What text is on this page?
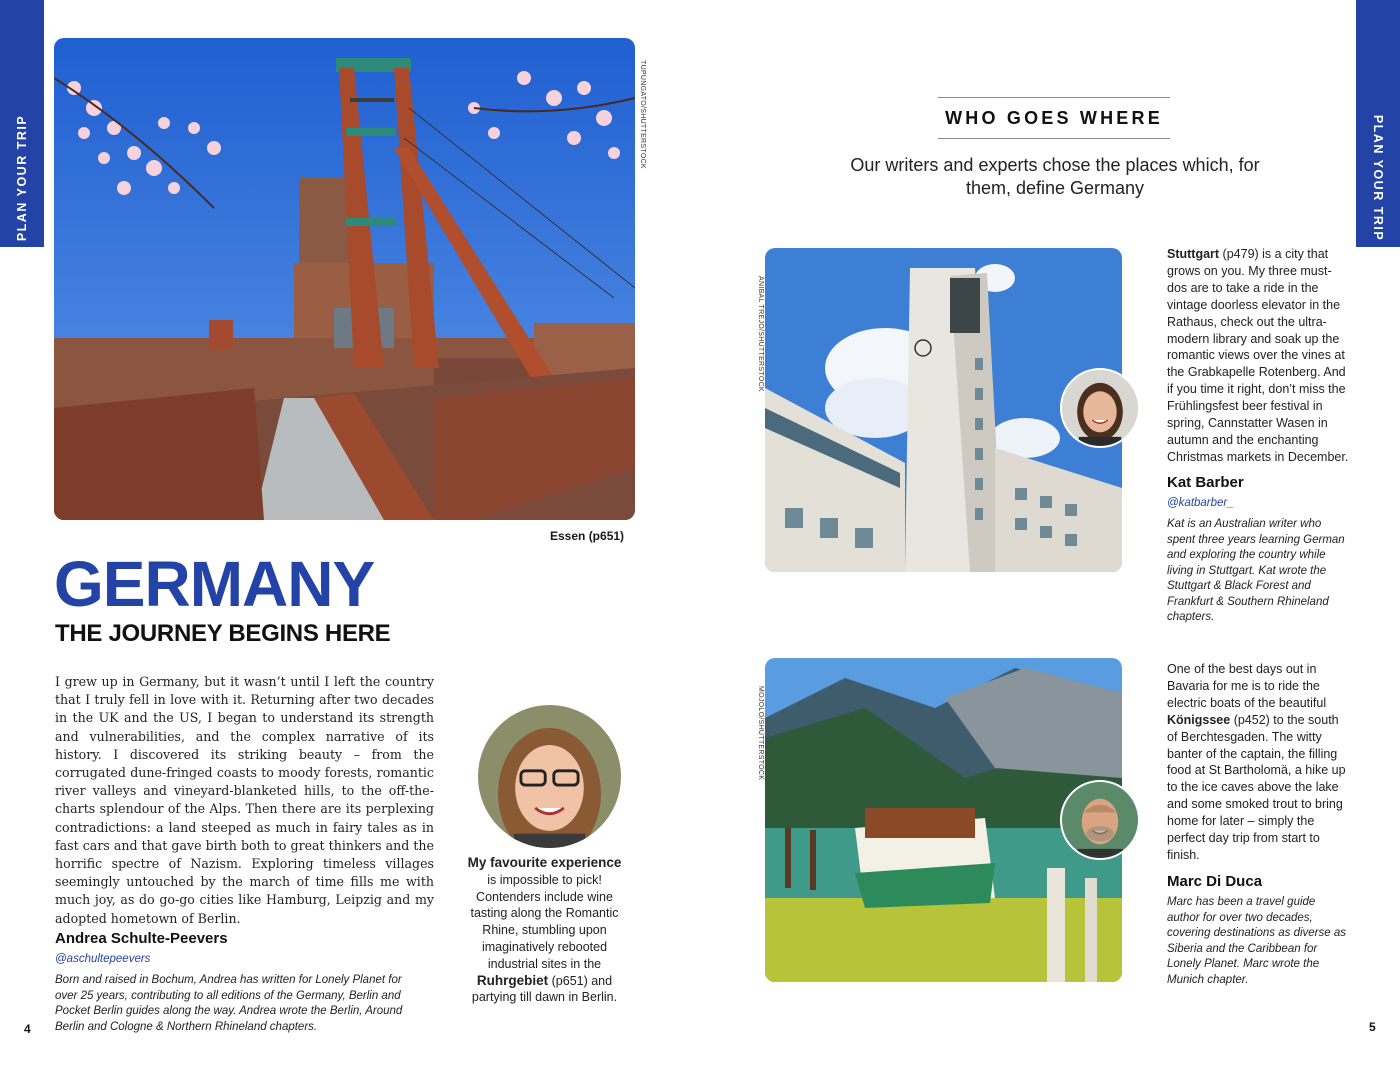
PLAN YOUR TRIP	PLAN YOUR TRIP
TUPUNGATO/SHUTTERSTOCK
Essen (p651)
GERMANY
THE JOURNEY BEGINS HERE
I grew up in Germany, but it wasn’t until I left the country that I truly fell in love with it. Returning after two decades in the UK and the US, I began to understand its strength and vulnerabilities, and the complex narrative of its history. I discovered its striking beauty – from the corrugated dune-fringed coasts to moody forests, romantic river valleys and vineyard-blanketed hills, to the off-the-charts splendour of the Alps. Then there are its perplexing contradictions: a land steeped as much in fairy tales as in fast cars and that gave birth both to great thinkers and the horrific spectre of Nazism. Exploring timeless villages seemingly untouched by the march of time fills me with much joy, as do go-go cities like Hamburg, Leipzig and my adopted hometown of Berlin.
Andrea Schulte-Peevers
@aschultepeevers
Born and raised in Bochum, Andrea has written for Lonely Planet for over 25 years, contributing to all editions of the Germany, Berlin and Pocket Berlin guides along the way. Andrea wrote the Berlin, Around Berlin and Cologne & Northern Rhineland chapters.
My favourite experience is impossible to pick! Contenders include wine tasting along the Romantic Rhine, stumbling upon imaginatively rebooted industrial sites in the Ruhrgebiet (p651) and partying till dawn in Berlin.
4
WHO GOES WHERE
Our writers and experts chose the places which, for them, define Germany
ANIBAL TREJO/SHUTTERSTOCK
Stuttgart (p479) is a city that grows on you. My three must-dos are to take a ride in the vintage doorless elevator in the Rathaus, check out the ultra-modern library and soak up the romantic views over the vines at the Grabkapelle Rotenberg. And if you time it right, don’t miss the Frühlingsfest beer festival in spring, Cannstatter Wasen in autumn and the enchanting Christmas markets in December.
Kat Barber
@katbarber_
Kat is an Australian writer who spent three years learning German and exploring the country while living in Stuttgart. Kat wrote the Stuttgart & Black Forest and Frankfurt & Southern Rhineland chapters.
MOJOLO/SHUTTERSTOCK
One of the best days out in Bavaria for me is to ride the electric boats of the beautiful Königssee (p452) to the south of Berchtesgaden. The witty banter of the captain, the filling food at St Bartholomä, a hike up to the ice caves above the lake and some smoked trout to bring home for later – simply the perfect day trip from start to finish.
Marc Di Duca
Marc has been a travel guide author for over two decades, covering destinations as diverse as Siberia and the Caribbean for Lonely Planet. Marc wrote the Munich chapter.
5
